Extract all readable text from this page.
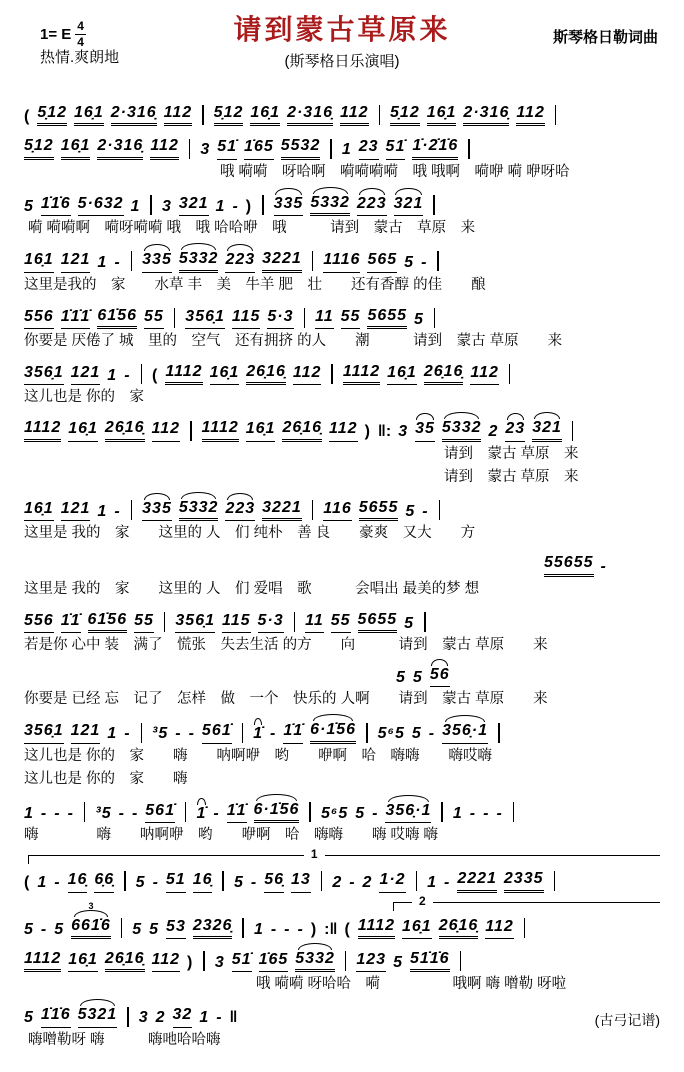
1= E $\frac{4}{4}$
热情.爽朗地
请到蒙古草原来
(斯琴格日乐演唱)
斯琴格日勒词曲
( 5̣12 16̣1 2·316̣ 112 5̣12 16̣1 2·316̣ 112 5̣12 16̣1 2·316̣ 112
5̣12 16̣1 2·316̣ 112 3 51̇ 1̇65 5532 1 23 51̇ 1̇·2̇1̇6
哦 嗬嗬　呀哈啊　嗬嗬嗬嗬　哦 哦啊　嗬咿 嗬 咿呀哈
5 1̇1̇6 5·632 1 3 321 1 - ) 335 5332 223 321
嗬 嗬嗬啊　嗬呀嗬嗬 哦　哦 哈哈咿　哦　　　请到　蒙古　草原　来
16̣1 121 1 - 335 5332 223 3221 1116 565 5 -
这里是我的　家　　水草 丰　美　牛羊 肥　壮　　还有香醇 的佳　　酿
556 1̇1̇1̇ 61̇56 55 356̣1 115 5·3 11 55 5655 5
你要是 厌倦了 城　里的　空气　还有拥挤 的人　　潮　　　请到　蒙古 草原　　来
356̣1 121 1 - ( 1112 16̣1 26̣16̣ 112 1112 16̣1 26̣16̣ 112
这儿也是 你的　家
1112 16̣1 26̣16̣ 112 1112 16̣1 26̣16̣ 112 ) ‖: 3 35 5332 2 23 321
请到　蒙古 草原　来
请到　蒙古 草原　来
16̣1 121 1 - 335 5332 223 3221 116 5655 5 -
这里是 我的　家　　这里的 人　们 纯朴　善 良　　豪爽　又大　　方
55655 -
这里是 我的　家　　这里的 人　们 爱唱　歌　　　会唱出 最美的梦 想
556 1̇1̇ 61̇56 55 356̣1 115 5·3 11 55 5655 5
若是你 心中 装　满了　慌张　失去生活 的方　　向　　　请到　蒙古 草原　　来
5 5 56
你要是 已经 忘　记了　怎样　做　一个　快乐的 人啊　　请到　蒙古 草原　　来
356̣1 121 1 - ³5 - - 561̇ 1̇ - 1̇1̇ 6·1̇56 5⁶5 5 - 356̣·1
这儿也是 你的　家　　嗨　　呐啊咿　哟　　咿啊　哈　嗨嗨　　嗨哎嗨
这儿也是 你的　家　　嗨
1 - - - ³5 - - 561̇ 1̇ - 1̇1̇ 6·1̇56 5⁶5 5 - 356̣·1 1 - - -
嗨　　　　嗨　　呐啊咿　哟　　咿啊　哈　嗨嗨　　嗨 哎嗨 嗨
1
( 1 - 16̣ 6̣6̣ 5 - 51 16̣ 5 - 56̣ 13 2 - 2 1·2 1 - 2221 2335
2
5 - 5 661̇6 3 5 5 53 2326̣ 1 - - - ) :‖ ( 1112 16̣1 26̣16̣ 112
1112 16̣1 26̣16̣ 112 ) 3 51̇ 1̇65 5332 123 5 51̇1̇6
哦 嗬嗬 呀哈哈　嗬　　　　　哦啊 嗨 噌勒 呀啦
5 1̇1̇6 5321 3 2 32 1 - ‖	(古弓记谱)
嗨噌勒呀 嗨　　　嗨吔哈哈嗨
